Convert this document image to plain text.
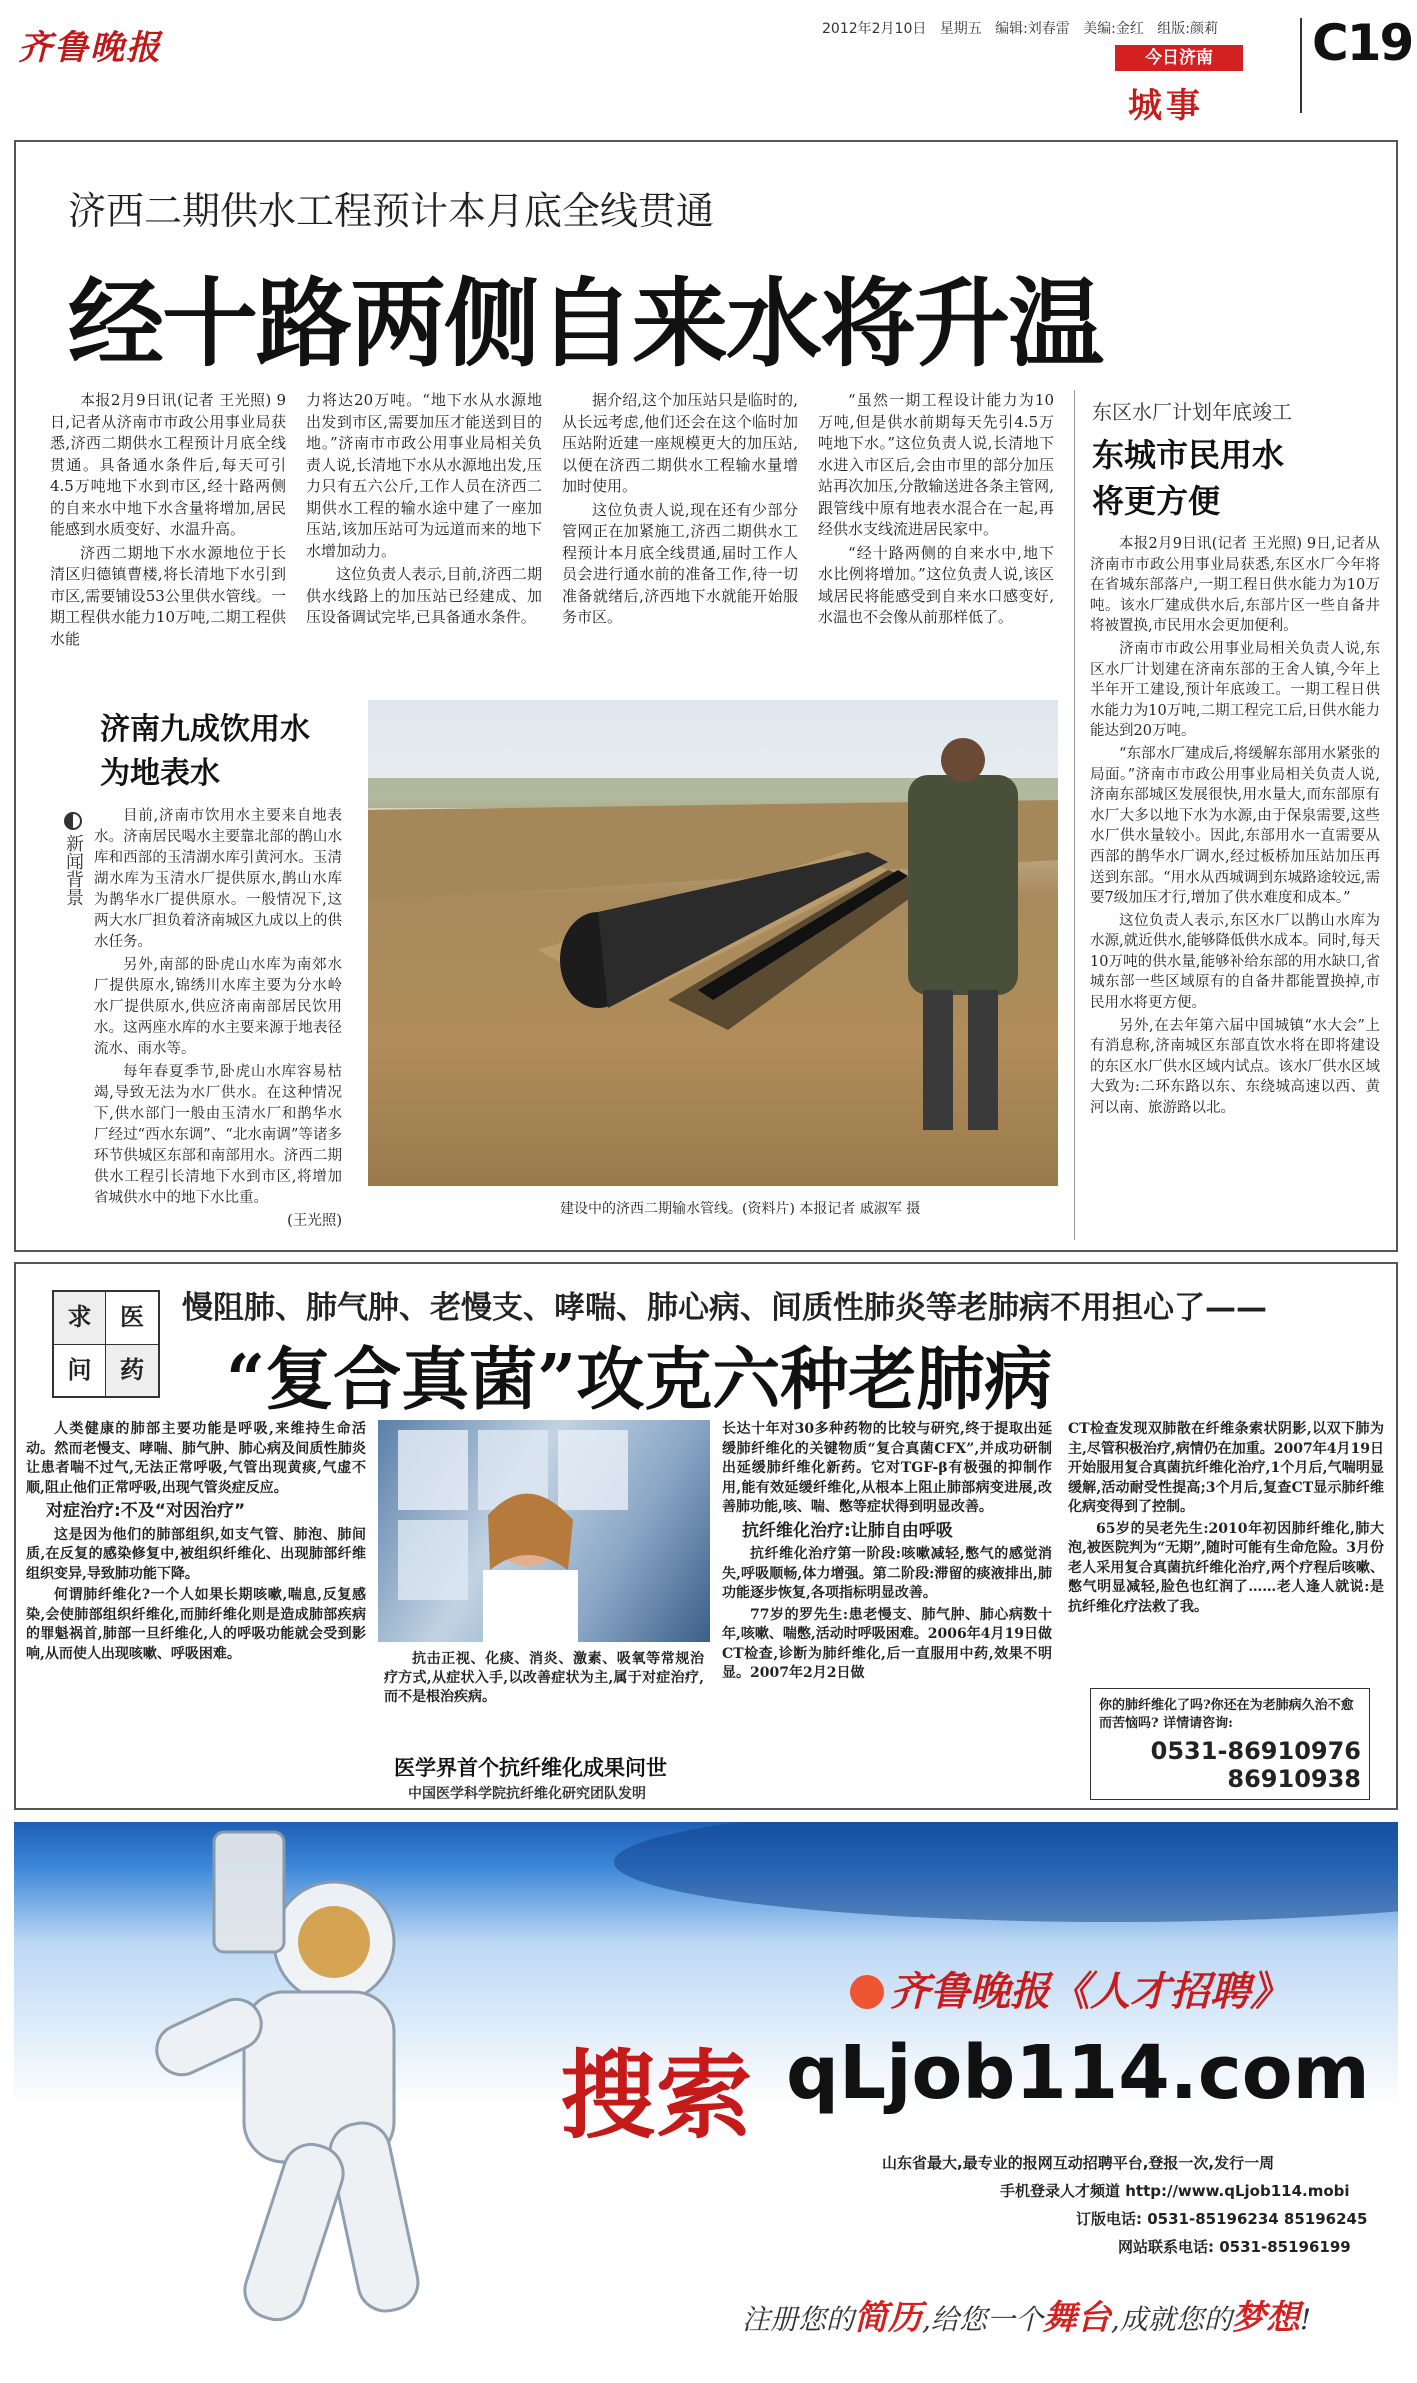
齐鲁晚报	2012年2月10日 星期五 编辑:刘春雷 美编:金红 组版:颜莉
今日济南
城事
C19
济西二期供水工程预计本月底全线贯通
经十路两侧自来水将升温

本报2月9日讯(记者 王光照) 9日,记者从济南市市政公用事业局获悉,济西二期供水工程预计月底全线贯通。具备通水条件后,每天可引4.5万吨地下水到市区,经十路两侧的自来水中地下水含量将增加,居民能感到水质变好、水温升高。

济西二期地下水水源地位于长清区归德镇曹楼,将长清地下水引到市区,需要铺设53公里供水管线。一期工程供水能力10万吨,二期工程供水能

力将达20万吨。“地下水从水源地出发到市区,需要加压才能送到目的地。”济南市市政公用事业局相关负责人说,长清地下水从水源地出发,压力只有五六公斤,工作人员在济西二期供水工程的输水途中建了一座加压站,该加压站可为远道而来的地下水增加动力。

这位负责人表示,目前,济西二期供水线路上的加压站已经建成、加压设备调试完毕,已具备通水条件。

据介绍,这个加压站只是临时的,从长远考虑,他们还会在这个临时加压站附近建一座规模更大的加压站,以便在济西二期供水工程输水量增加时使用。

这位负责人说,现在还有少部分管网正在加紧施工,济西二期供水工程预计本月底全线贯通,届时工作人员会进行通水前的准备工作,待一切准备就绪后,济西地下水就能开始服务市区。

“虽然一期工程设计能力为10万吨,但是供水前期每天先引4.5万吨地下水。”这位负责人说,长清地下水进入市区后,会由市里的部分加压站再次加压,分散输送进各条主管网,跟管线中原有地表水混合在一起,再经供水支线流进居民家中。

“经十路两侧的自来水中,地下水比例将增加。”这位负责人说,该区域居民将能感受到自来水口感变好,水温也不会像从前那样低了。

东区水厂计划年底竣工
东城市民用水
将更方便

本报2月9日讯(记者 王光照) 9日,记者从济南市市政公用事业局获悉,东区水厂今年将在省城东部落户,一期工程日供水能力为10万吨。该水厂建成供水后,东部片区一些自备井将被置换,市民用水会更加便利。

济南市市政公用事业局相关负责人说,东区水厂计划建在济南东部的王舍人镇,今年上半年开工建设,预计年底竣工。一期工程日供水能力为10万吨,二期工程完工后,日供水能力能达到20万吨。

“东部水厂建成后,将缓解东部用水紧张的局面。”济南市市政公用事业局相关负责人说,济南东部城区发展很快,用水量大,而东部原有水厂大多以地下水为水源,由于保泉需要,这些水厂供水量较小。因此,东部用水一直需要从西部的鹊华水厂调水,经过板桥加压站加压再送到东部。“用水从西城调到东城路途较远,需要7级加压才行,增加了供水难度和成本。”

这位负责人表示,东区水厂以鹊山水库为水源,就近供水,能够降低供水成本。同时,每天10万吨的供水量,能够补给东部的用水缺口,省城东部一些区域原有的自备井都能置换掉,市民用水将更方便。

另外,在去年第六届中国城镇“水大会”上有消息称,济南城区东部直饮水将在即将建设的东区水厂供水区域内试点。该水厂供水区域大致为:二环东路以东、东绕城高速以西、黄河以南、旅游路以北。

新闻背景
济南九成饮用水
为地表水

目前,济南市饮用水主要来自地表水。济南居民喝水主要靠北部的鹊山水库和西部的玉清湖水库引黄河水。玉清湖水库为玉清水厂提供原水,鹊山水库为鹊华水厂提供原水。一般情况下,这两大水厂担负着济南城区九成以上的供水任务。

另外,南部的卧虎山水库为南郊水厂提供原水,锦绣川水库主要为分水岭水厂提供原水,供应济南南部居民饮用水。这两座水库的水主要来源于地表径流水、雨水等。

每年春夏季节,卧虎山水库容易枯竭,导致无法为水厂供水。在这种情况下,供水部门一般由玉清水厂和鹊华水厂经过“西水东调”、“北水南调”等诸多环节供城区东部和南部用水。济西二期供水工程引长清地下水到市区,将增加省城供水中的地下水比重。

(王光照)

建设中的济西二期输水管线。(资料片) 本报记者 戚淑军 摄
求	医
问	药
慢阻肺、肺气肿、老慢支、哮喘、肺心病、间质性肺炎等老肺病不用担心了——
“复合真菌”攻克六种老肺病

人类健康的肺部主要功能是呼吸,来维持生命活动。然而老慢支、哮喘、肺气肿、肺心病及间质性肺炎让患者喘不过气,无法正常呼吸,气管出现黄痰,气虚不顺,阻止他们正常呼吸,出现气管炎症反应。

对症治疗:不及“对因治疗”

这是因为他们的肺部组织,如支气管、肺泡、肺间质,在反复的感染修复中,被组织纤维化、出现肺部纤维组织变异,导致肺功能下降。

何谓肺纤维化?一个人如果长期咳嗽,喘息,反复感染,会使肺部组织纤维化,而肺纤维化则是造成肺部疾病的罪魁祸首,肺部一旦纤维化,人的呼吸功能就会受到影响,从而使人出现咳嗽、呼吸困难。	抗击正视、化痰、消炎、激素、吸氧等常规治疗方式,从症状入手,以改善症状为主,属于对症治疗,而不是根治疾病。

医学界首个抗纤维化成果问世
中国医学科学院抗纤维化研究团队发明

长达十年对30多种药物的比较与研究,终于提取出延缓肺纤维化的关键物质“复合真菌CFX”,并成功研制出延缓肺纤维化新药。它对TGF-β有极强的抑制作用,能有效延缓纤维化,从根本上阻止肺部病变进展,改善肺功能,咳、喘、憋等症状得到明显改善。

抗纤维化治疗:让肺自由呼吸

抗纤维化治疗第一阶段:咳嗽减轻,憋气的感觉消失,呼吸顺畅,体力增强。第二阶段:滞留的痰液排出,肺功能逐步恢复,各项指标明显改善。

77岁的罗先生:患老慢支、肺气肿、肺心病数十年,咳嗽、喘憋,活动时呼吸困难。2006年4月19日做CT检查,诊断为肺纤维化,后一直服用中药,效果不明显。2007年2月2日做

CT检查发现双肺散在纤维条索状阴影,以双下肺为主,尽管积极治疗,病情仍在加重。2007年4月19日开始服用复合真菌抗纤维化治疗,1个月后,气喘明显缓解,活动耐受性提高;3个月后,复查CT显示肺纤维化病变得到了控制。

65岁的吴老先生:2010年初因肺纤维化,肺大泡,被医院判为“无期”,随时可能有生命危险。3月份老人采用复合真菌抗纤维化治疗,两个疗程后咳嗽、憋气明显减轻,脸色也红润了……老人逢人就说:是抗纤维化疗法救了我。

你的肺纤维化了吗?你还在为老肺病久治不愈而苦恼吗? 详情请咨询:
0531-86910976
86910938
齐鲁晚报《人才招聘》
搜索 qLjob114.com
山东省最大,最专业的报网互动招聘平台,登报一次,发行一周
手机登录人才频道 http://www.qLjob114.mobi
订版电话: 0531-85196234 85196245
网站联系电话: 0531-85196199
注册您的简历,给您一个舞台,成就您的梦想!
